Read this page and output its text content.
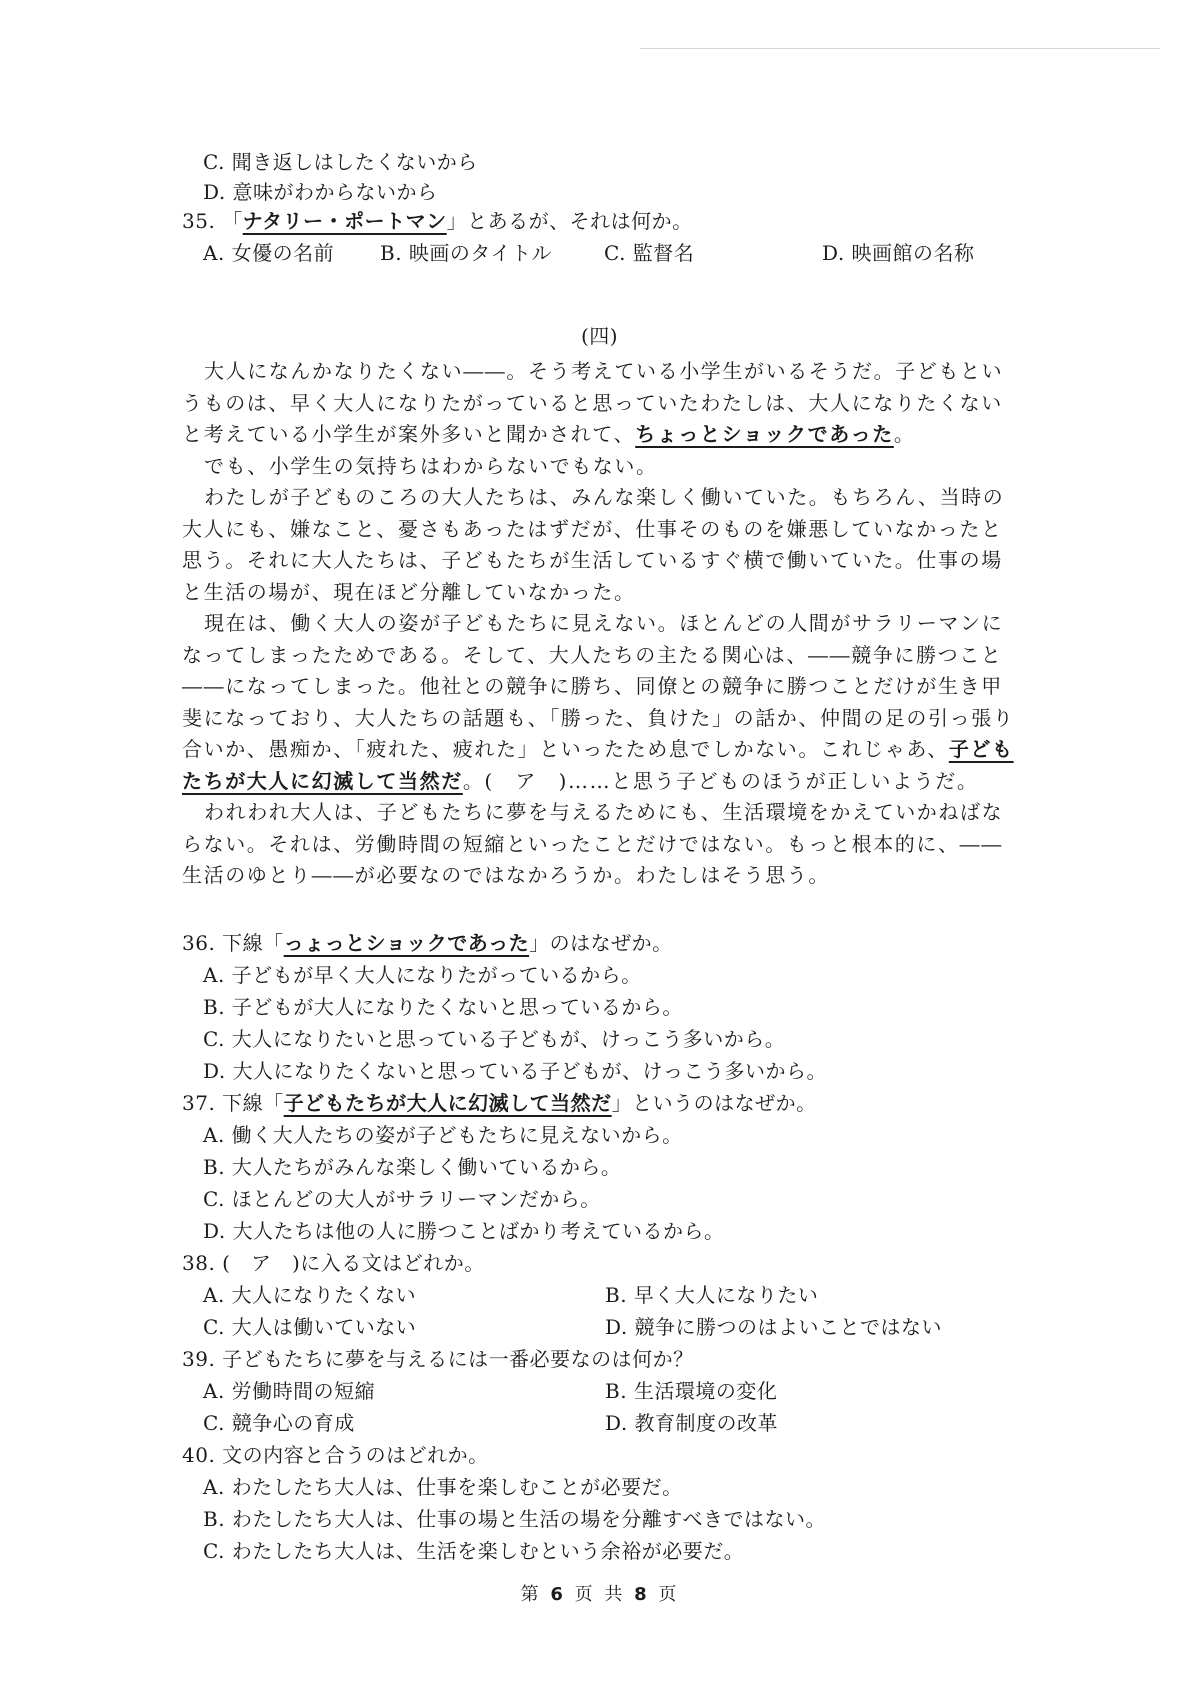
C. 聞き返しはしたくないから
D. 意味がわからないから
35. 「ナタリー・ポートマン」とあるが、それは何か。
A. 女優の名前 B. 映画のタイトル	C. 監督名	D. 映画館の名称
(四)

大人になんかなりたくない――。そう考えている小学生がいるそうだ。子どもというものは、早く大人になりたがっていると思っていたわたしは、大人になりたくないと考えている小学生が案外多いと聞かされて、ちょっとショックであった。

でも、小学生の気持ちはわからないでもない。

わたしが子どものころの大人たちは、みんな楽しく働いていた。もちろん、当時の大人にも、嫌なこと、憂さもあったはずだが、仕事そのものを嫌悪していなかったと思う。それに大人たちは、子どもたちが生活しているすぐ横で働いていた。仕事の場と生活の場が、現在ほど分離していなかった。

現在は、働く大人の姿が子どもたちに見えない。ほとんどの人間がサラリーマンになってしまったためである。そして、大人たちの主たる関心は、――競争に勝つこと――になってしまった。他社との競争に勝ち、同僚との競争に勝つことだけが生き甲斐になっており、大人たちの話題も、「勝った、負けた」の話か、仲間の足の引っ張り合いか、愚痴か、「疲れた、疲れた」といったため息でしかない。これじゃあ、子どもたちが大人に幻滅して当然だ。(　ア　)……と思う子どものほうが正しいようだ。

われわれ大人は、子どもたちに夢を与えるためにも、生活環境をかえていかねばならない。それは、労働時間の短縮といったことだけではない。もっと根本的に、――生活のゆとり――が必要なのではなかろうか。わたしはそう思う。

36. 下線「っょっとショックであった」のはなぜか。
A. 子どもが早く大人になりたがっているから。
B. 子どもが大人になりたくないと思っているから。
C. 大人になりたいと思っている子どもが、けっこう多いから。
D. 大人になりたくないと思っている子どもが、けっこう多いから。
37. 下線「子どもたちが大人に幻滅して当然だ」というのはなぜか。
A. 働く大人たちの姿が子どもたちに見えないから。
B. 大人たちがみんな楽しく働いているから。
C. ほとんどの大人がサラリーマンだから。
D. 大人たちは他の人に勝つことばかり考えているから。
38. (　ア　)に入る文はどれか。
A. 大人になりたくない	B. 早く大人になりたい
C. 大人は働いていない	D. 競争に勝つのはよいことではない
39. 子どもたちに夢を与えるには一番必要なのは何か？
A. 労働時間の短縮	B. 生活環境の変化
C. 競争心の育成	D. 教育制度の改革
40. 文の内容と合うのはどれか。
A. わたしたち大人は、仕事を楽しむことが必要だ。
B. わたしたち大人は、仕事の場と生活の場を分離すべきではない。
C. わたしたち大人は、生活を楽しむという余裕が必要だ。
第 6 页 共 8 页
